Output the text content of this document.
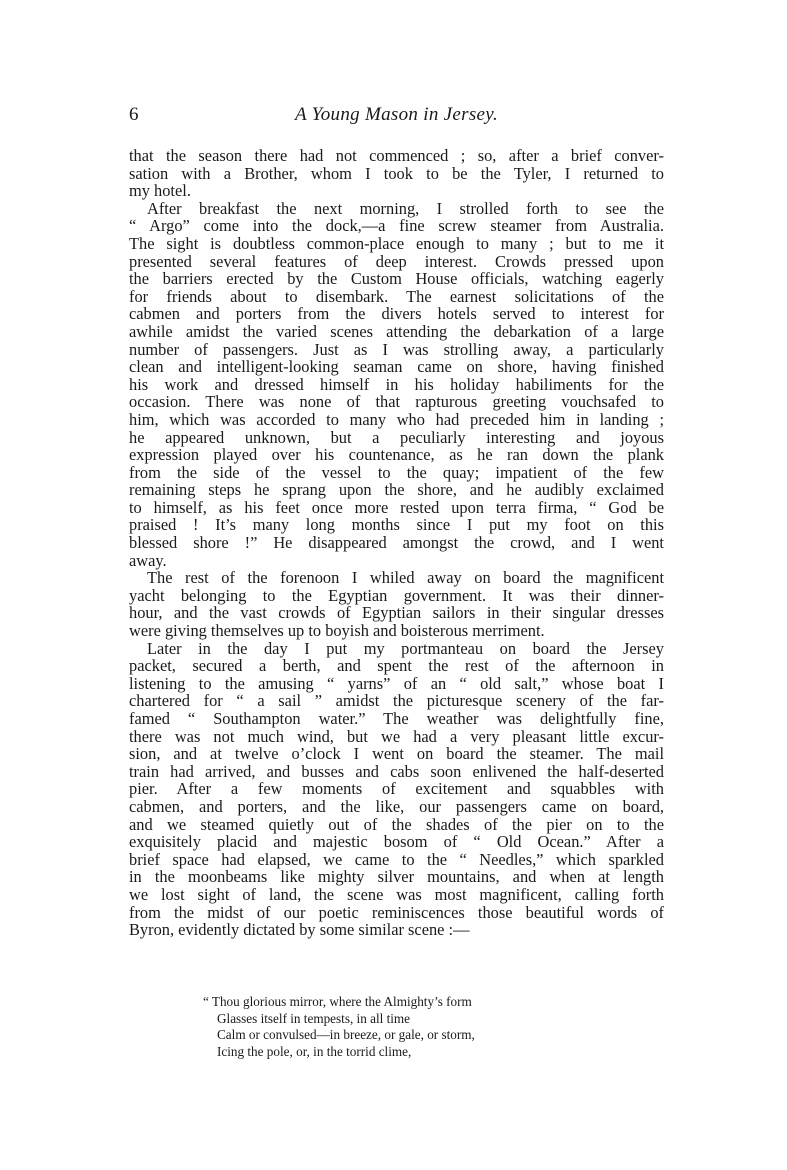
6	A Young Mason in Jersey.
that the season there had not commenced ; so, after a brief conver-
sation with a Brother, whom I took to be the Tyler, I returned to
my hotel.
After breakfast the next morning, I strolled forth to see the
“ Argo” come into the dock,—a fine screw steamer from Australia.
The sight is doubtless common-place enough to many ; but to me it
presented several features of deep interest. Crowds pressed upon
the barriers erected by the Custom House officials, watching eagerly
for friends about to disembark. The earnest solicitations of the
cabmen and porters from the divers hotels served to interest for
awhile amidst the varied scenes attending the debarkation of a large
number of passengers. Just as I was strolling away, a particularly
clean and intelligent-looking seaman came on shore, having finished
his work and dressed himself in his holiday habiliments for the
occasion. There was none of that rapturous greeting vouchsafed to
him, which was accorded to many who had preceded him in landing ;
he appeared unknown, but a peculiarly interesting and joyous
expression played over his countenance, as he ran down the plank
from the side of the vessel to the quay; impatient of the few
remaining steps he sprang upon the shore, and he audibly exclaimed
to himself, as his feet once more rested upon terra firma, “ God be
praised ! It’s many long months since I put my foot on this
blessed shore !” He disappeared amongst the crowd, and I went
away.
The rest of the forenoon I whiled away on board the magnificent
yacht belonging to the Egyptian government. It was their dinner-
hour, and the vast crowds of Egyptian sailors in their singular dresses
were giving themselves up to boyish and boisterous merriment.
Later in the day I put my portmanteau on board the Jersey
packet, secured a berth, and spent the rest of the afternoon in
listening to the amusing “ yarns” of an “ old salt,” whose boat I
chartered for “ a sail ” amidst the picturesque scenery of the far-
famed “ Southampton water.” The weather was delightfully fine,
there was not much wind, but we had a very pleasant little excur-
sion, and at twelve o’clock I went on board the steamer. The mail
train had arrived, and busses and cabs soon enlivened the half-deserted
pier. After a few moments of excitement and squabbles with
cabmen, and porters, and the like, our passengers came on board,
and we steamed quietly out of the shades of the pier on to the
exquisitely placid and majestic bosom of “ Old Ocean.” After a
brief space had elapsed, we came to the “ Needles,” which sparkled
in the moonbeams like mighty silver mountains, and when at length
we lost sight of land, the scene was most magnificent, calling forth
from the midst of our poetic reminiscences those beautiful words of
Byron, evidently dictated by some similar scene :—
“ Thou glorious mirror, where the Almighty’s form
Glasses itself in tempests, in all time
Calm or convulsed—in breeze, or gale, or storm,
Icing the pole, or, in the torrid clime,
